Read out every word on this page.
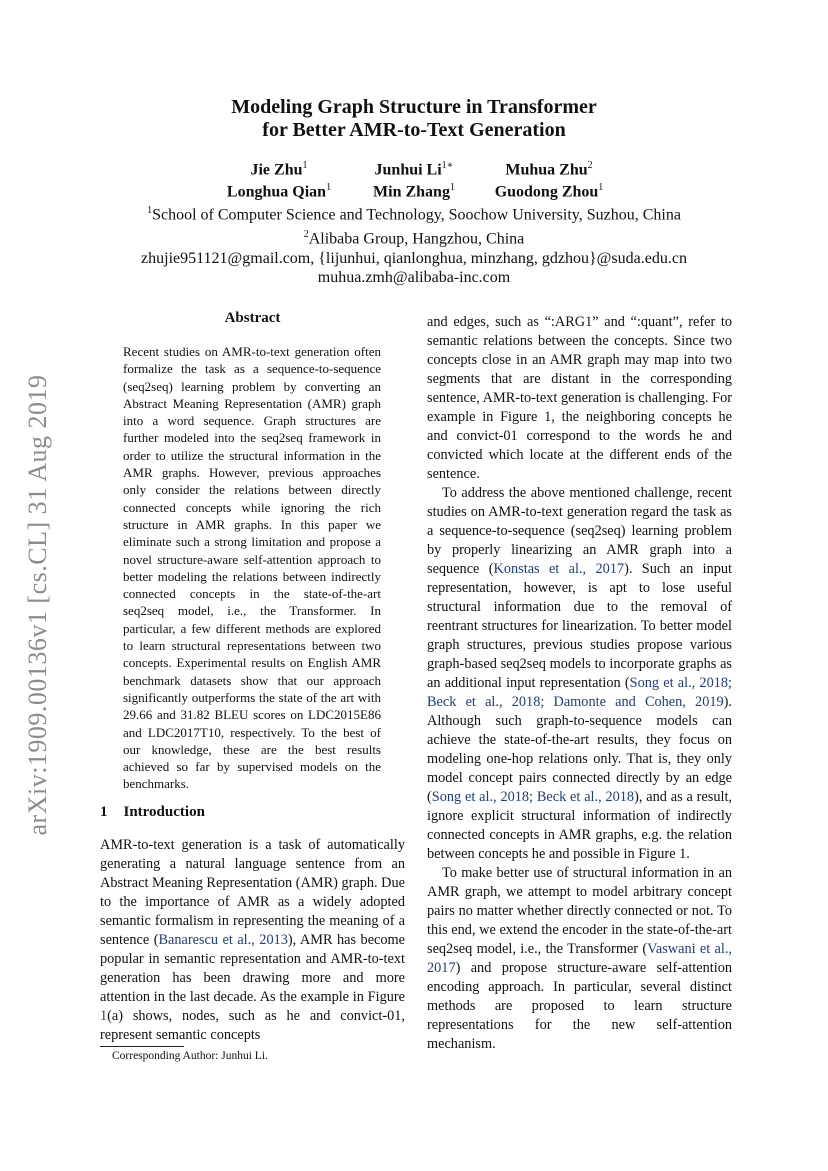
arXiv:1909.00136v1 [cs.CL] 31 Aug 2019
Modeling Graph Structure in Transformer
for Better AMR-to-Text Generation
Jie Zhu$^1$	Junhui $Li^{1∗}$	Muhua Zhu$^2$
Longhua Qian$^1$	Min Zhang$^1$	Guodong Zhou$^1$
$^1$School of Computer Science and Technology, Soochow University, Suzhou, China
$^2$Alibaba Group, Hangzhou, China
zhujie951121@gmail.com, {lijunhui, qianlonghua, minzhang, gdzhou}@suda.edu.cn
muhua.zmh@alibaba-inc.com
Abstract
Recent studies on AMR-to-text generation often formalize the task as a sequence-to-sequence (seq2seq) learning problem by converting an Abstract Meaning Representation (AMR) graph into a word sequence. Graph structures are further modeled into the seq2seq framework in order to utilize the structural information in the AMR graphs. However, previous approaches only consider the relations between directly connected concepts while ignoring the rich structure in AMR graphs. In this paper we eliminate such a strong limitation and propose a novel structure-aware self-attention approach to better modeling the relations between indirectly connected concepts in the state-of-the-art seq2seq model, i.e., the Transformer. In particular, a few different methods are explored to learn structural representations between two concepts. Experimental results on English AMR benchmark datasets show that our approach significantly outperforms the state of the art with 29.66 and 31.82 BLEU scores on LDC2015E86 and LDC2017T10, respectively. To the best of our knowledge, these are the best results achieved so far by supervised models on the benchmarks.
1 Introduction

AMR-to-text generation is a task of automatically generating a natural language sentence from an Abstract Meaning Representation (AMR) graph. Due to the importance of AMR as a widely adopted semantic formalism in representing the meaning of a sentence (Banarescu et al., 2013), AMR has become popular in semantic representation and AMR-to-text generation has been drawing more and more attention in the last decade. As the example in Figure 1(a) shows, nodes, such as he and convict-01, represent semantic concepts

Corresponding Author: Junhui Li.

and edges, such as “:ARG1” and “:quant”, refer to semantic relations between the concepts. Since two concepts close in an AMR graph may map into two segments that are distant in the corresponding sentence, AMR-to-text generation is challenging. For example in Figure 1, the neighboring concepts he and convict-01 correspond to the words he and convicted which locate at the different ends of the sentence.

To address the above mentioned challenge, recent studies on AMR-to-text generation regard the task as a sequence-to-sequence (seq2seq) learning problem by properly linearizing an AMR graph into a sequence (Konstas et al., 2017). Such an input representation, however, is apt to lose useful structural information due to the removal of reentrant structures for linearization. To better model graph structures, previous studies propose various graph-based seq2seq models to incorporate graphs as an additional input representation (Song et al., 2018; Beck et al., 2018; Damonte and Cohen, 2019). Although such graph-to-sequence models can achieve the state-of-the-art results, they focus on modeling one-hop relations only. That is, they only model concept pairs connected directly by an edge (Song et al., 2018; Beck et al., 2018), and as a result, ignore explicit structural information of indirectly connected concepts in AMR graphs, e.g. the relation between concepts he and possible in Figure 1.

To make better use of structural information in an AMR graph, we attempt to model arbitrary concept pairs no matter whether directly connected or not. To this end, we extend the encoder in the state-of-the-art seq2seq model, i.e., the Transformer (Vaswani et al., 2017) and propose structure-aware self-attention encoding approach. In particular, several distinct methods are proposed to learn structure representations for the new self-attention mechanism.
